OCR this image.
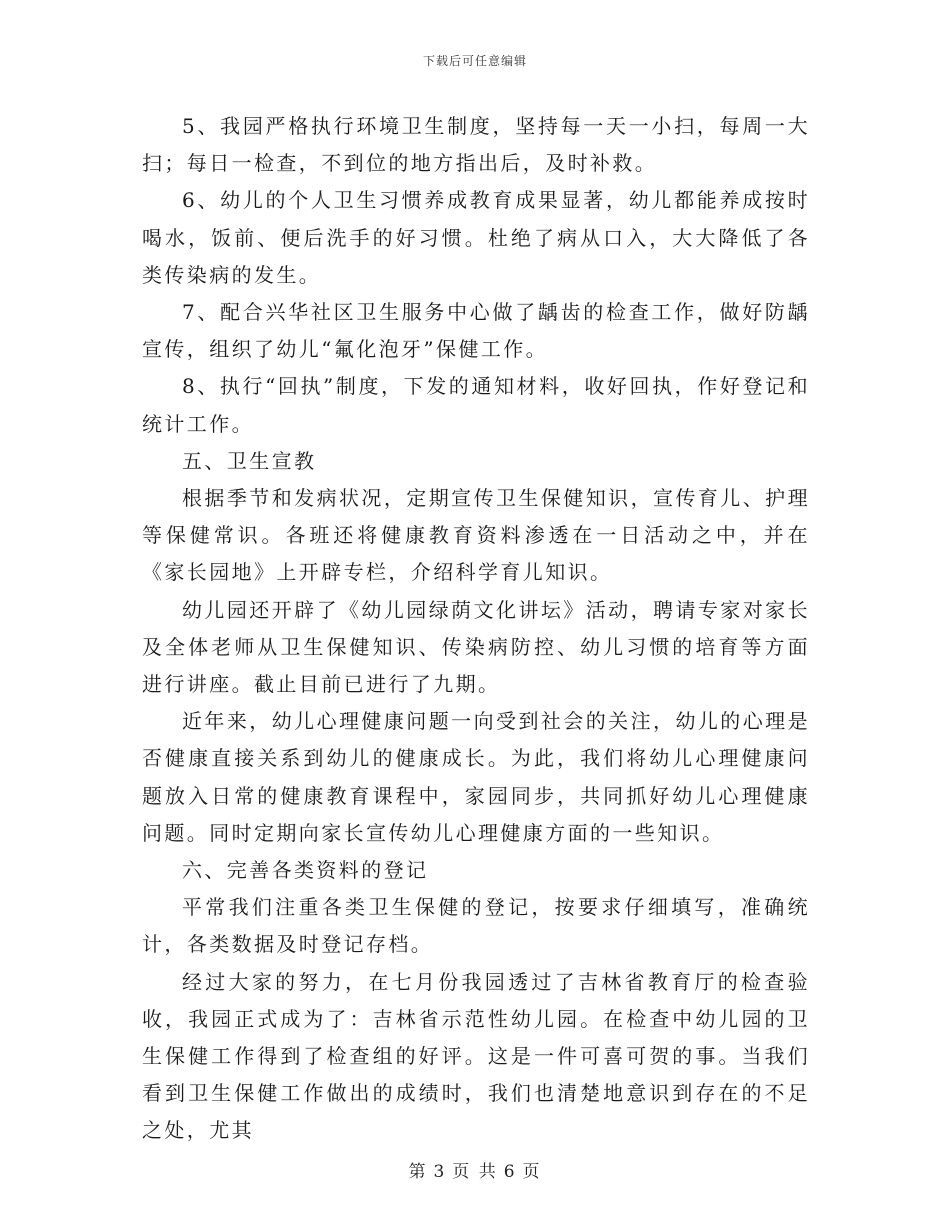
下载后可任意编辑

5、我园严格执行环境卫生制度，坚持每一天一小扫，每周一大扫；每日一检查，不到位的地方指出后，及时补救。

6、幼儿的个人卫生习惯养成教育成果显著，幼儿都能养成按时喝水，饭前、便后洗手的好习惯。杜绝了病从口入，大大降低了各类传染病的发生。

7、配合兴华社区卫生服务中心做了龋齿的检查工作，做好防龋宣传，组织了幼儿“氟化泡牙”保健工作。

8、执行“回执”制度，下发的通知材料，收好回执，作好登记和统计工作。

五、卫生宣教

根据季节和发病状况，定期宣传卫生保健知识，宣传育儿、护理等保健常识。各班还将健康教育资料渗透在一日活动之中，并在《家长园地》上开辟专栏，介绍科学育儿知识。

幼儿园还开辟了《幼儿园绿荫文化讲坛》活动，聘请专家对家长及全体老师从卫生保健知识、传染病防控、幼儿习惯的培育等方面进行讲座。截止目前已进行了九期。

近年来，幼儿心理健康问题一向受到社会的关注，幼儿的心理是否健康直接关系到幼儿的健康成长。为此，我们将幼儿心理健康问题放入日常的健康教育课程中，家园同步，共同抓好幼儿心理健康问题。同时定期向家长宣传幼儿心理健康方面的一些知识。

六、完善各类资料的登记

平常我们注重各类卫生保健的登记，按要求仔细填写，准确统计，各类数据及时登记存档。

经过大家的努力，在七月份我园透过了吉林省教育厅的检查验收，我园正式成为了：吉林省示范性幼儿园。在检查中幼儿园的卫生保健工作得到了检查组的好评。这是一件可喜可贺的事。当我们看到卫生保健工作做出的成绩时，我们也清楚地意识到存在的不足之处，尤其

第 3 页 共 6 页
